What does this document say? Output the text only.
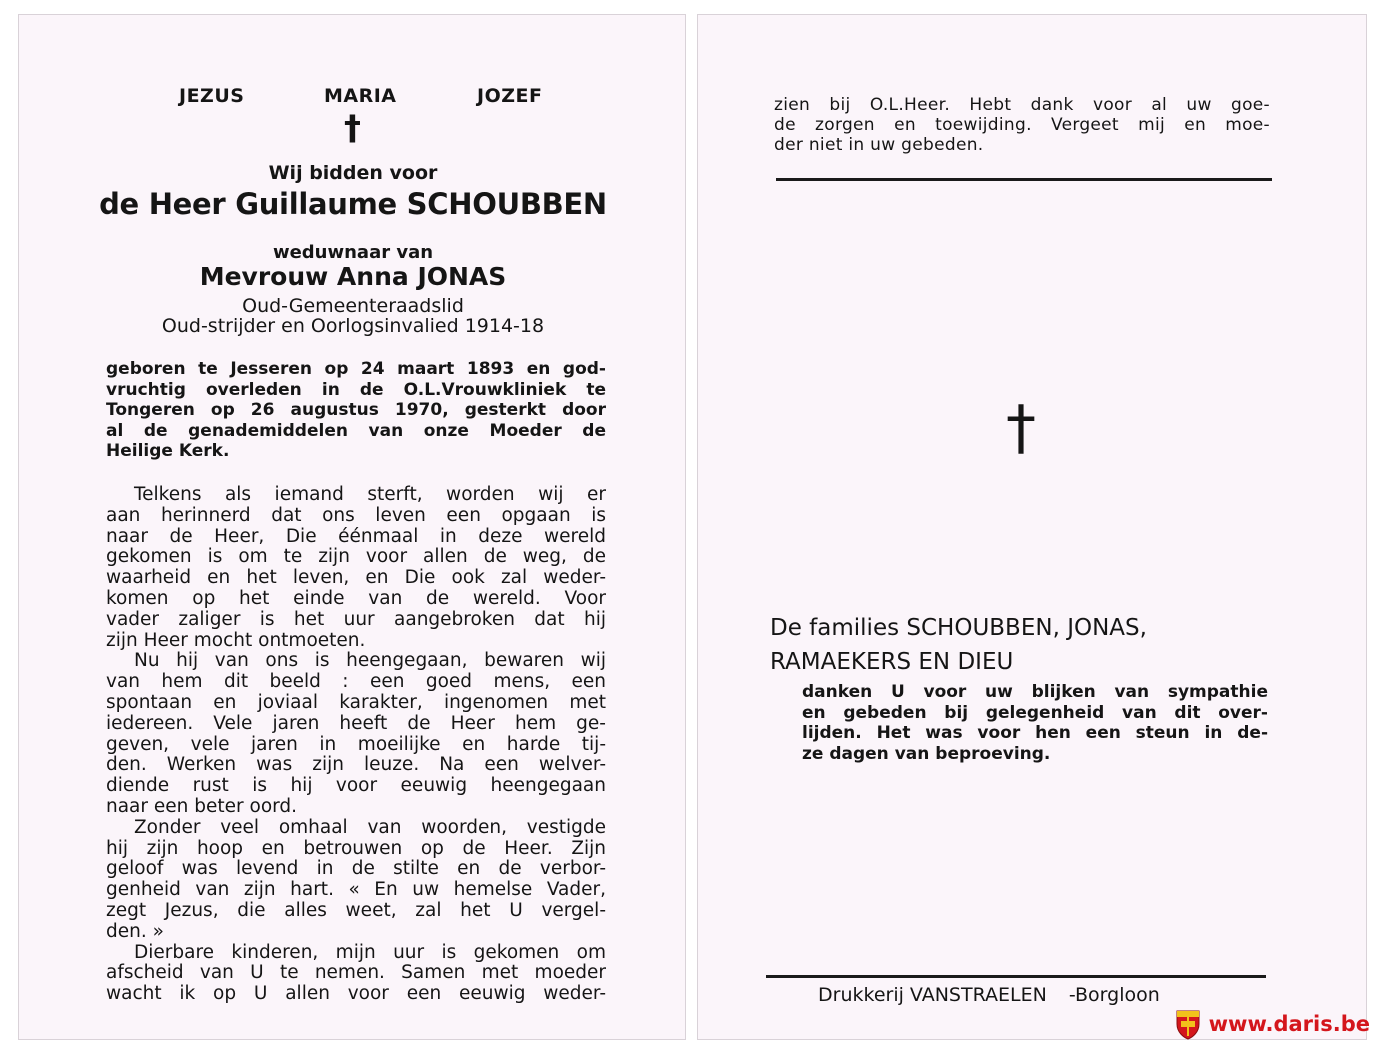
JEZUS	MARIA	JOZEF
†
Wij bidden voor
de Heer Guillaume SCHOUBBEN
weduwnaar van
Mevrouw Anna JONAS
Oud-Gemeenteraadslid
Oud-strijder en Oorlogsinvalied 1914-18
geboren te Jesseren op 24 maart 1893 en god-
vruchtig overleden in de O.L.Vrouwkliniek te
Tongeren op 26 augustus 1970, gesterkt door
al de genademiddelen van onze Moeder de
Heilige Kerk.
Telkens als iemand sterft, worden wij er
aan herinnerd dat ons leven een opgaan is
naar de Heer, Die éénmaal in deze wereld
gekomen is om te zijn voor allen de weg, de
waarheid en het leven, en Die ook zal weder-
komen op het einde van de wereld. Voor
vader zaliger is het uur aangebroken dat hij
zijn Heer mocht ontmoeten.
Nu hij van ons is heengegaan, bewaren wij
van hem dit beeld : een goed mens, een
spontaan en joviaal karakter, ingenomen met
iedereen. Vele jaren heeft de Heer hem ge-
geven, vele jaren in moeilijke en harde tij-
den. Werken was zijn leuze. Na een welver-
diende rust is hij voor eeuwig heengegaan
naar een beter oord.
Zonder veel omhaal van woorden, vestigde
hij zijn hoop en betrouwen op de Heer. Zijn
geloof was levend in de stilte en de verbor-
genheid van zijn hart. « En uw hemelse Vader,
zegt Jezus, die alles weet, zal het U vergel-
den. »
Dierbare kinderen, mijn uur is gekomen om
afscheid van U te nemen. Samen met moeder
wacht ik op U allen voor een eeuwig weder-
zien bij O.L.Heer. Hebt dank voor al uw goe-
de zorgen en toewijding. Vergeet mij en moe-
der niet in uw gebeden.
†
De families SCHOUBBEN, JONAS,
RAMAEKERS EN DIEU
danken U voor uw blijken van sympathie
en gebeden bij gelegenheid van dit over-
lijden. Het was voor hen een steun in de-
ze dagen van beproeving.
Drukkerij VANSTRAELEN -Borgloon
www.daris.be
